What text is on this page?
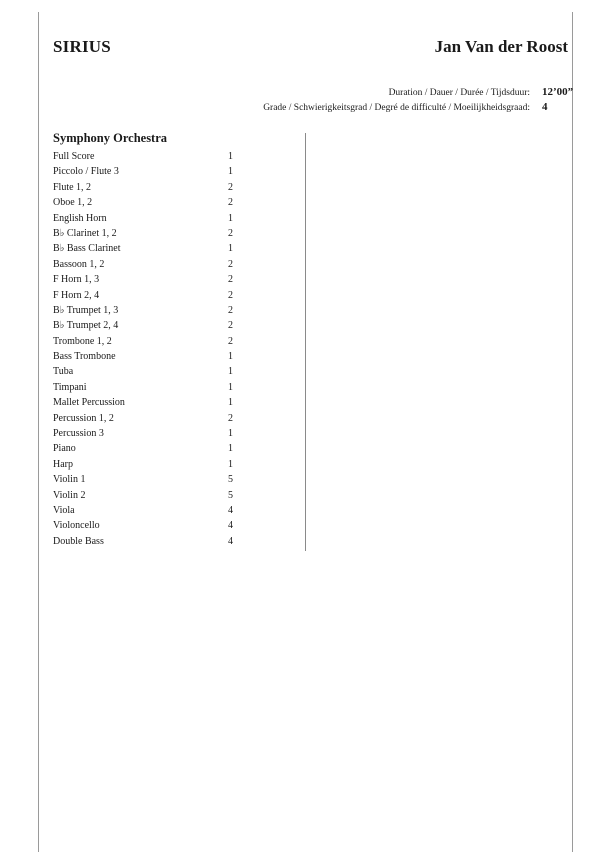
SIRIUS	Jan Van der Roost
Duration / Dauer / Durée / Tijdsduur: 12’00”
Grade / Schwierigkeitsgrad / Degré de difficulté / Moeilijkheidsgraad: 4
Symphony Orchestra
Full Score	1
Piccolo / Flute 3	1
Flute 1, 2	2
Oboe 1, 2	2
English Horn	1
B♭ Clarinet 1, 2	2
B♭ Bass Clarinet	1
Bassoon 1, 2	2
F Horn 1, 3	2
F Horn 2, 4	2
B♭ Trumpet 1, 3	2
B♭ Trumpet 2, 4	2
Trombone 1, 2	2
Bass Trombone	1
Tuba	1
Timpani	1
Mallet Percussion	1
Percussion 1, 2	2
Percussion 3	1
Piano	1
Harp	1
Violin 1	5
Violin 2	5
Viola	4
Violoncello	4
Double Bass	4
